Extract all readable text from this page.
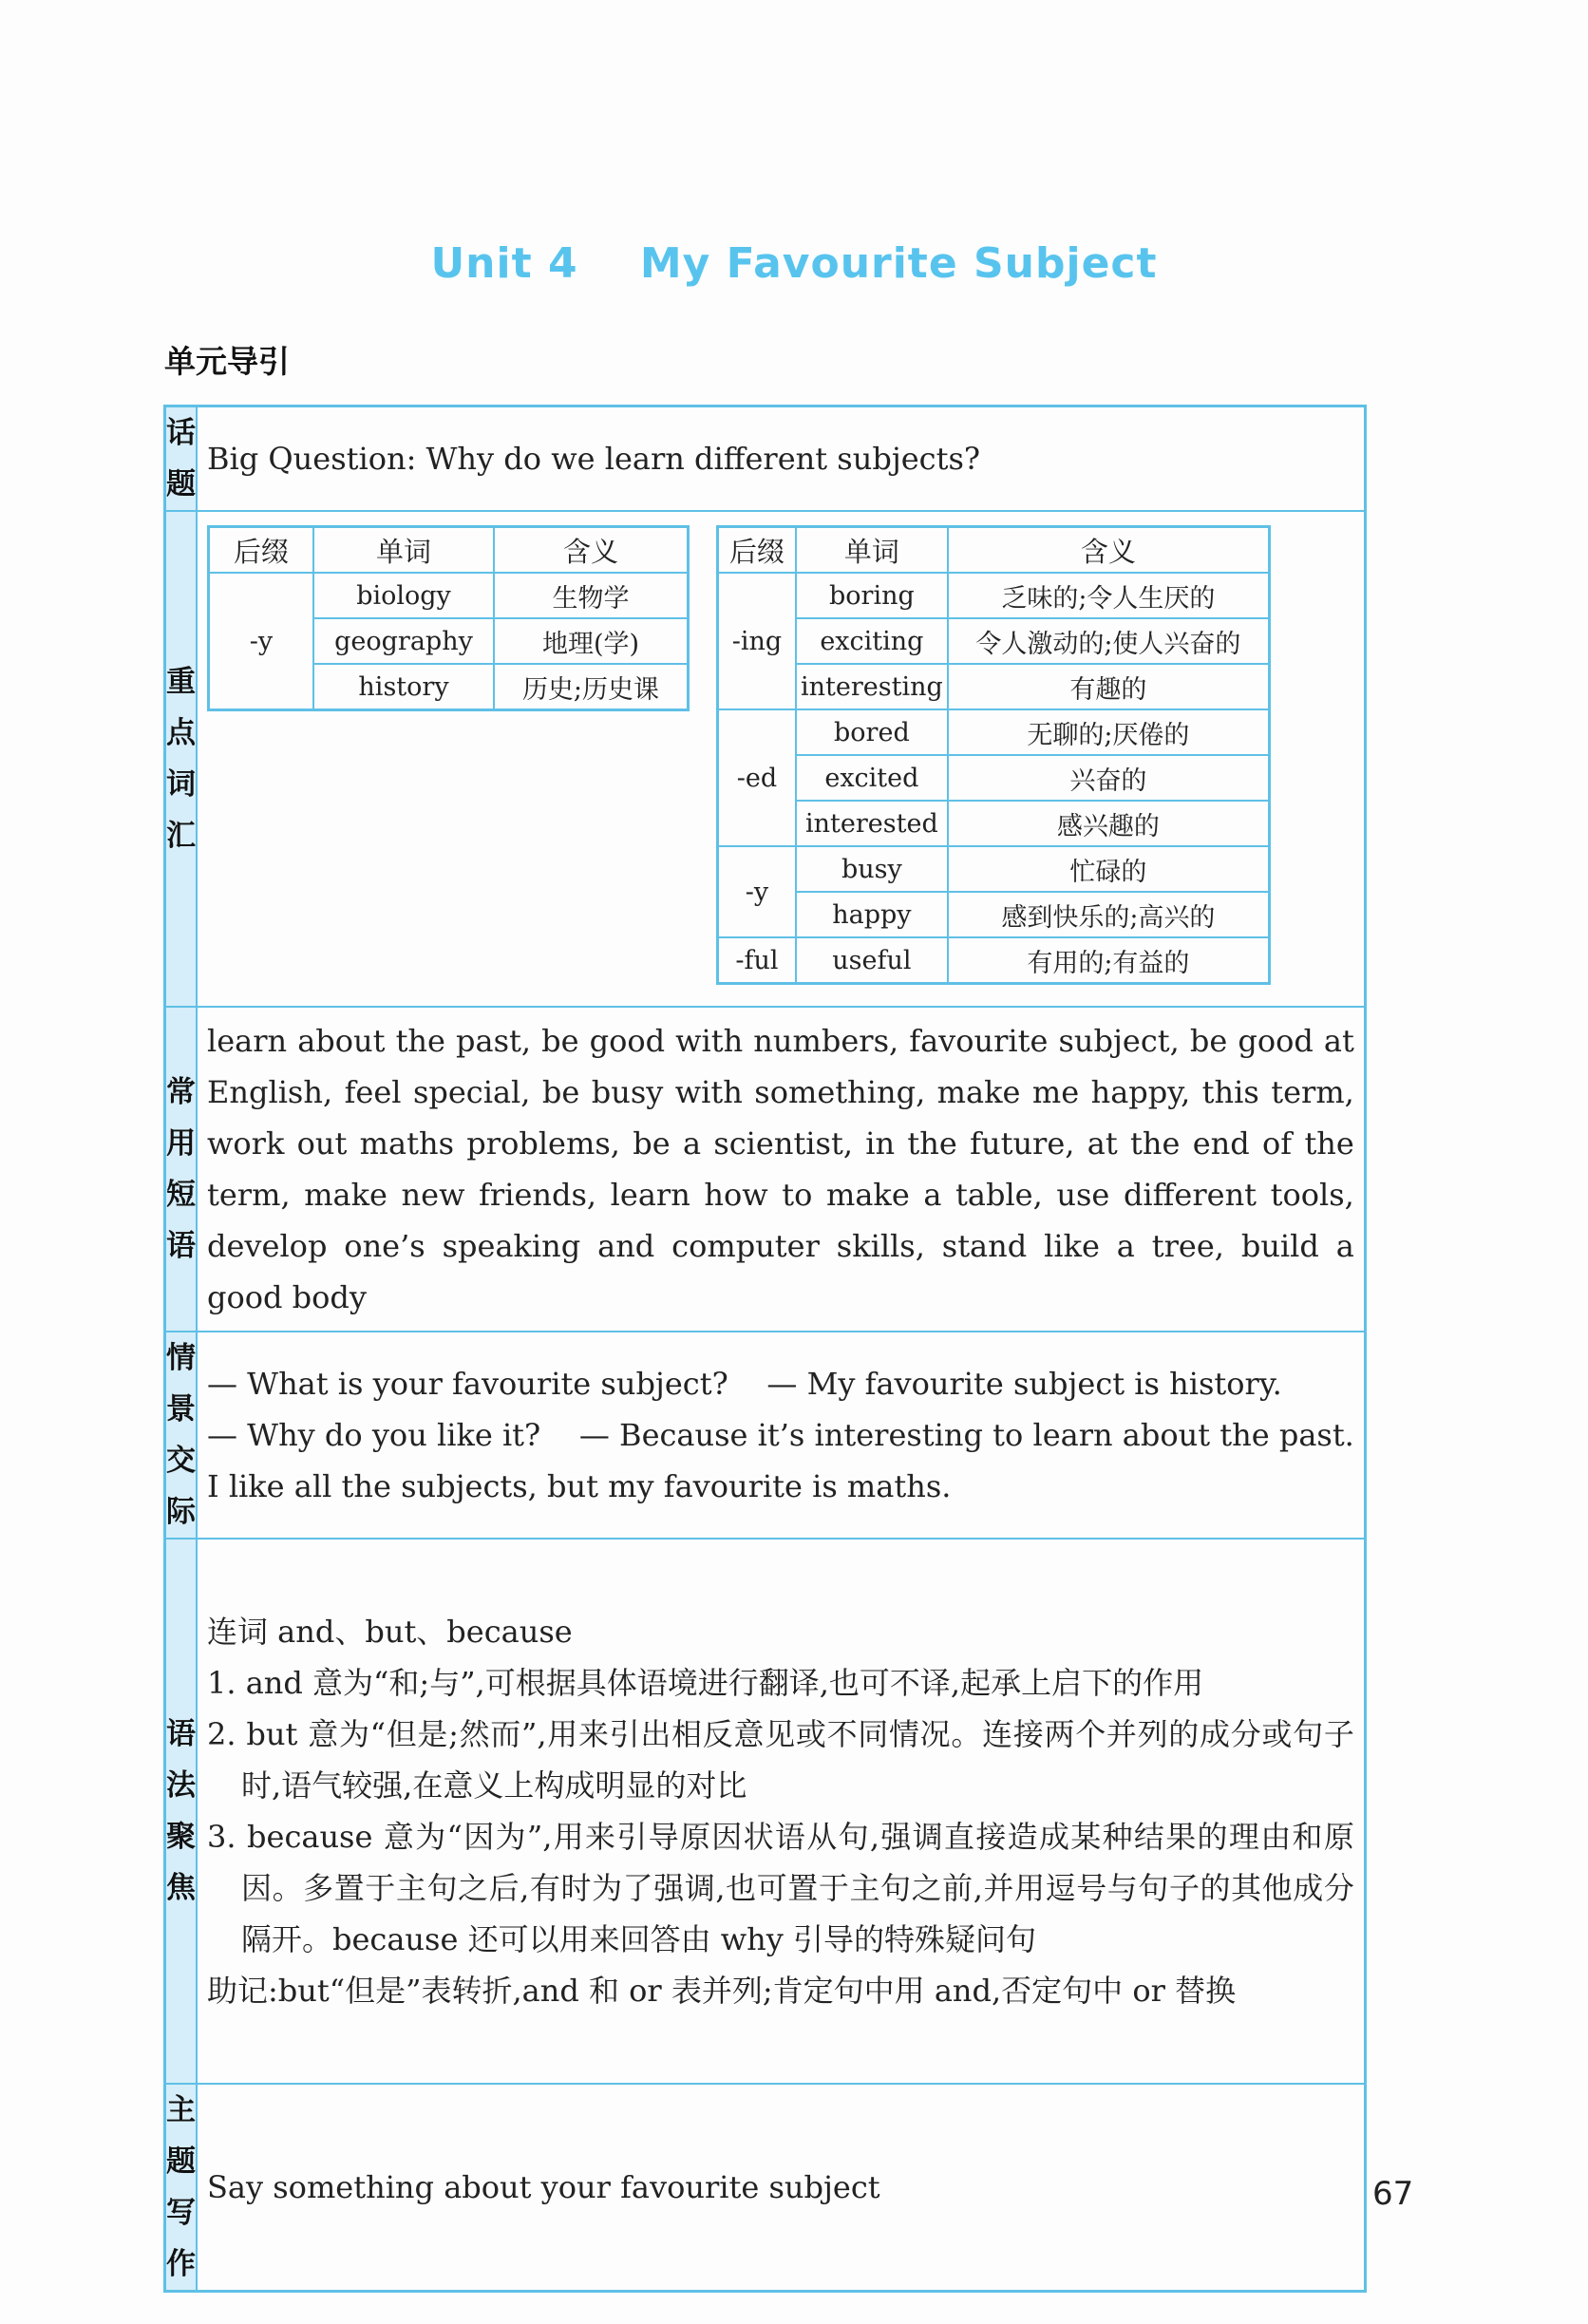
Unit 4    My Favourite Subject
单元导引
话题	Big Question: Why do we learn different subjects?

重点
词汇

后缀	单词	含义
-y	biology	生物学
geography	地理(学)
history	历史;历史课
后缀	单词	含义
-ing	boring	乏味的;令人生厌的
exciting	令人激动的;使人兴奋的
interesting	有趣的
-ed	bored	无聊的;厌倦的
excited	兴奋的
interested	感兴趣的
-y	busy	忙碌的
happy	感到快乐的;高兴的
-ful	useful	有用的;有益的

常用
短语
	learn about the past, be good with numbers, favourite subject, be good at English, feel special, be busy with something, make me happy, this term, work out maths problems, be a scientist, in the future, at the end of the term, make new friends, learn how to make a table, use different tools, develop one’s speaking and computer skills, stand like a tree, build a good body

情景
交际

— What is your favourite subject?    — My favourite subject is history.
— Why do you like it?    — Because it’s interesting to learn about the past.
I like all the subjects, but my favourite is maths.

语法
聚焦

连词 and、but、because
1. and 意为“和;与”,可根据具体语境进行翻译,也可不译,起承上启下的作用
2. but 意为“但是;然而”,用来引出相反意见或不同情况。连接两个并列的成分或句子时,语气较强,在意义上构成明显的对比
3. because 意为“因为”,用来引导原因状语从句,强调直接造成某种结果的理由和原因。多置于主句之后,有时为了强调,也可置于主句之前,并用逗号与句子的其他成分隔开。because 还可以用来回答由 why 引导的特殊疑问句
助记:but“但是”表转折,and 和 or 表并列;肯定句中用 and,否定句中 or 替换

主题
写作
	Say something about your favourite subject	67
